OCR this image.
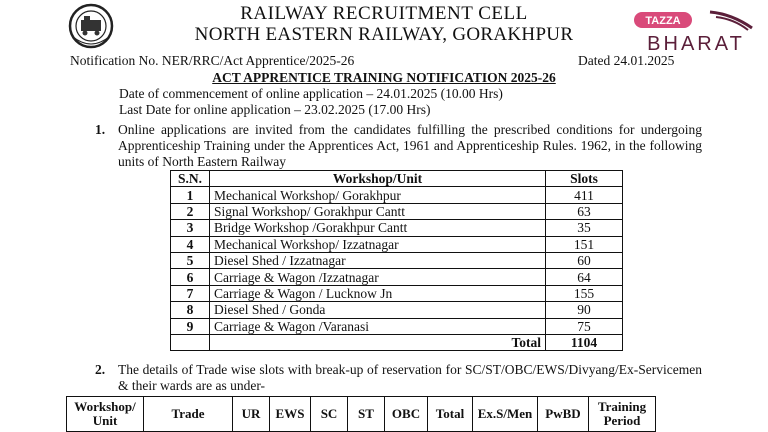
RAILWAY RECRUITMENT CELL
NORTH EASTERN RAILWAY, GORAKHPUR
TAZZA
BHARAT
Notification No. NER/RRC/Act Apprentice/2025-26	Dated 24.01.2025
ACT APPRENTICE TRAINING NOTIFICATION 2025-26
Date of commencement of online application – 24.01.2025 (10.00 Hrs)
Last Date for online application – 23.02.2025 (17.00 Hrs)
1. Online applications are invited from the candidates fulfilling the prescribed conditions for undergoing Apprenticeship Training under the Apprentices Act, 1961 and Apprenticeship Rules. 1962, in the following units of North Eastern Railway
S.N.	Workshop/Unit	Slots
1	Mechanical Workshop/ Gorakhpur	411
2	Signal Workshop/ Gorakhpur Cantt	63
3	Bridge Workshop /Gorakhpur Cantt	35
4	Mechanical Workshop/ Izzatnagar	151
5	Diesel Shed / Izzatnagar	60
6	Carriage & Wagon /Izzatnagar	64
7	Carriage & Wagon / Lucknow Jn	155
8	Diesel Shed / Gonda	90
9	Carriage & Wagon /Varanasi	75
	Total	1104
2. The details of Trade wise slots with break-up of reservation for SC/ST/OBC/EWS/Divyang/Ex-Servicemen & their wards are as under-
Workshop/ Unit	Trade	UR	EWS	SC	ST	OBC	Total	Ex.S/Men	PwBD	Training Period
